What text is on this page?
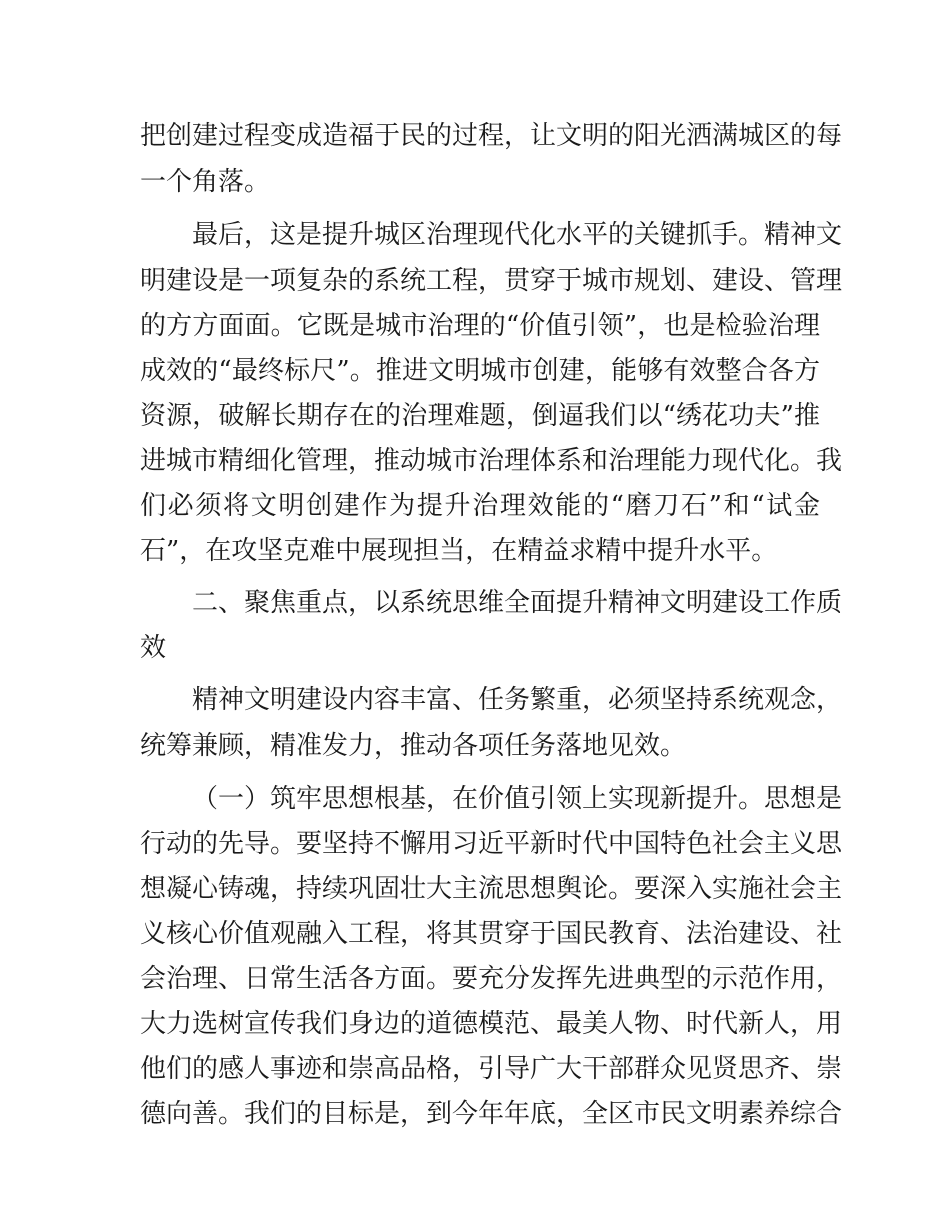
把创建过程变成造福于民的过程，让文明的阳光洒满城区的每
一个角落。
最后，这是提升城区治理现代化水平的关键抓手。精神文
明建设是一项复杂的系统工程，贯穿于城市规划、建设、管理
的方方面面。它既是城市治理的“价值引领”，也是检验治理
成效的“最终标尺”。推进文明城市创建，能够有效整合各方
资源，破解长期存在的治理难题，倒逼我们以“绣花功夫”推
进城市精细化管理，推动城市治理体系和治理能力现代化。我
们必须将文明创建作为提升治理效能的“磨刀石”和“试金
石”，在攻坚克难中展现担当，在精益求精中提升水平。
二、聚焦重点，以系统思维全面提升精神文明建设工作质
效
精神文明建设内容丰富、任务繁重，必须坚持系统观念，
统筹兼顾，精准发力，推动各项任务落地见效。
（一）筑牢思想根基，在价值引领上实现新提升。思想是
行动的先导。要坚持不懈用习近平新时代中国特色社会主义思
想凝心铸魂，持续巩固壮大主流思想舆论。要深入实施社会主
义核心价值观融入工程，将其贯穿于国民教育、法治建设、社
会治理、日常生活各方面。要充分发挥先进典型的示范作用，
大力选树宣传我们身边的道德模范、最美人物、时代新人，用
他们的感人事迹和崇高品格，引导广大干部群众见贤思齐、崇
德向善。我们的目标是，到今年年底，全区市民文明素养综合
